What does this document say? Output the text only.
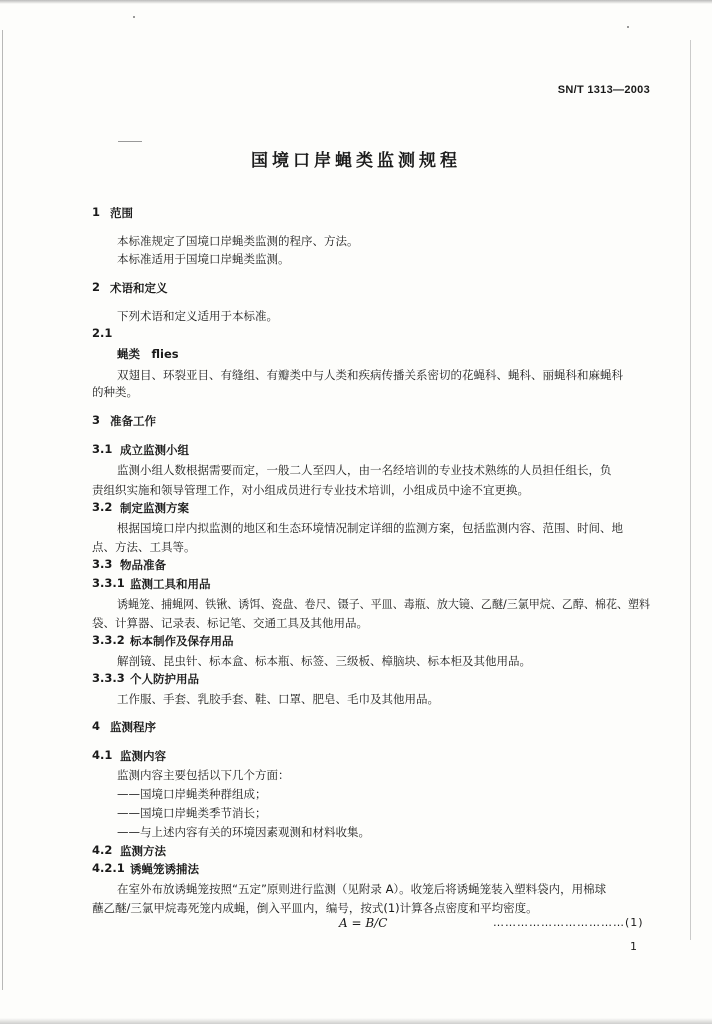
SN/T 1313—2003
国境口岸蝇类监测规程
1 范围
本标准规定了国境口岸蝇类监测的程序、方法。
本标准适用于国境口岸蝇类监测。
2 术语和定义
下列术语和定义适用于本标准。
2.1
蝇类　flies
双翅目、环裂亚目、有缝组、有瓣类中与人类和疾病传播关系密切的花蝇科、蝇科、丽蝇科和麻蝇科
的种类。
3 准备工作
3.1 成立监测小组
监测小组人数根据需要而定，一般二人至四人，由一名经培训的专业技术熟练的人员担任组长，负
责组织实施和领导管理工作，对小组成员进行专业技术培训，小组成员中途不宜更换。
3.2 制定监测方案
根据国境口岸内拟监测的地区和生态环境情况制定详细的监测方案，包括监测内容、范围、时间、地
点、方法、工具等。
3.3 物品准备
3.3.1 监测工具和用品
诱蝇笼、捕蝇网、铁锹、诱饵、瓷盘、卷尺、镊子、平皿、毒瓶、放大镜、乙醚/三氯甲烷、乙醇、棉花、塑料
袋、计算器、记录表、标记笔、交通工具及其他用品。
3.3.2 标本制作及保存用品
解剖镜、昆虫针、标本盒、标本瓶、标签、三级板、樟脑块、标本柜及其他用品。
3.3.3 个人防护用品
工作服、手套、乳胶手套、鞋、口罩、肥皂、毛巾及其他用品。
4 监测程序
4.1 监测内容
监测内容主要包括以下几个方面：
——国境口岸蝇类种群组成；
——国境口岸蝇类季节消长；
——与上述内容有关的环境因素观测和材料收集。
4.2 监测方法
4.2.1 诱蝇笼诱捕法
在室外布放诱蝇笼按照“五定”原则进行监测（见附录 A）。收笼后将诱蝇笼装入塑料袋内，用棉球
蘸乙醚/三氯甲烷毒死笼内成蝇，倒入平皿内，编号，按式(1)计算各点密度和平均密度。
A = B/C	……………………………(1)
1
